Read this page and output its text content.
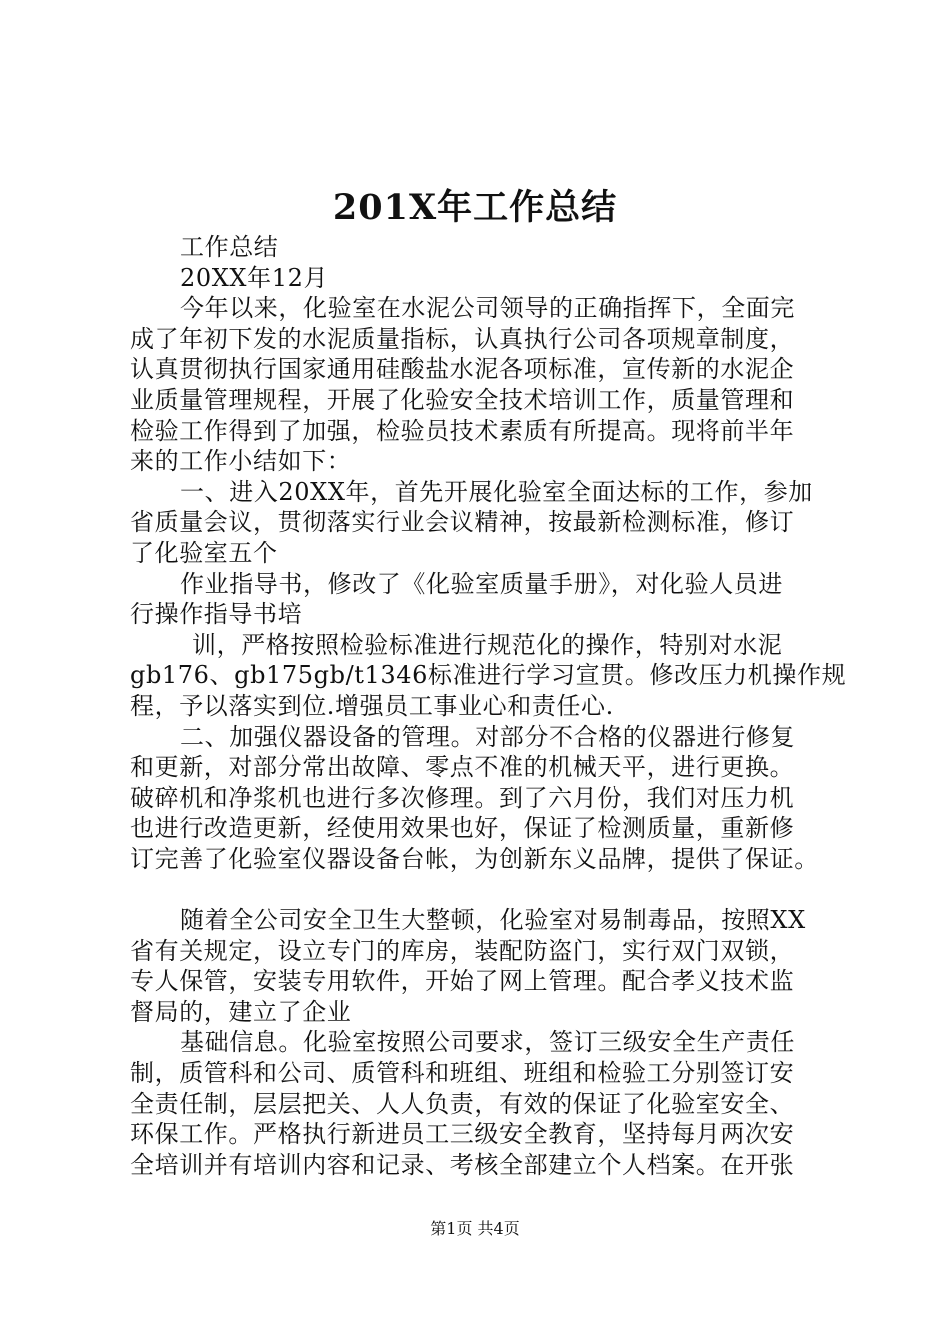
201X年工作总结
工作总结
20XX年12月
今年以来，化验室在水泥公司领导的正确指挥下，全面完
成了年初下发的水泥质量指标，认真执行公司各项规章制度，
认真贯彻执行国家通用硅酸盐水泥各项标准，宣传新的水泥企
业质量管理规程，开展了化验安全技术培训工作，质量管理和
检验工作得到了加强，检验员技术素质有所提高。现将前半年
来的工作小结如下：
一、进入20XX年，首先开展化验室全面达标的工作，参加
省质量会议，贯彻落实行业会议精神，按最新检测标准，修订
了化验室五个
作业指导书，修改了《化验室质量手册》，对化验人员进
行操作指导书培
训，严格按照检验标准进行规范化的操作，特别对水泥
gb176、gb175gb/t1346标准进行学习宣贯。修改压力机操作规
程，予以落实到位.增强员工事业心和责任心.
二、加强仪器设备的管理。对部分不合格的仪器进行修复
和更新，对部分常出故障、零点不准的机械天平，进行更换。
破碎机和净浆机也进行多次修理。到了六月份，我们对压力机
也进行改造更新，经使用效果也好，保证了检测质量，重新修
订完善了化验室仪器设备台帐，为创新东义品牌，提供了保证。
随着全公司安全卫生大整顿，化验室对易制毒品，按照XX
省有关规定，设立专门的库房，装配防盗门，实行双门双锁，
专人保管，安装专用软件，开始了网上管理。配合孝义技术监
督局的，建立了企业
基础信息。化验室按照公司要求，签订三级安全生产责任
制，质管科和公司、质管科和班组、班组和检验工分别签订安
全责任制，层层把关、人人负责，有效的保证了化验室安全、
环保工作。严格执行新进员工三级安全教育，坚持每月两次安
全培训并有培训内容和记录、考核全部建立个人档案。在开张
第1页 共4页
